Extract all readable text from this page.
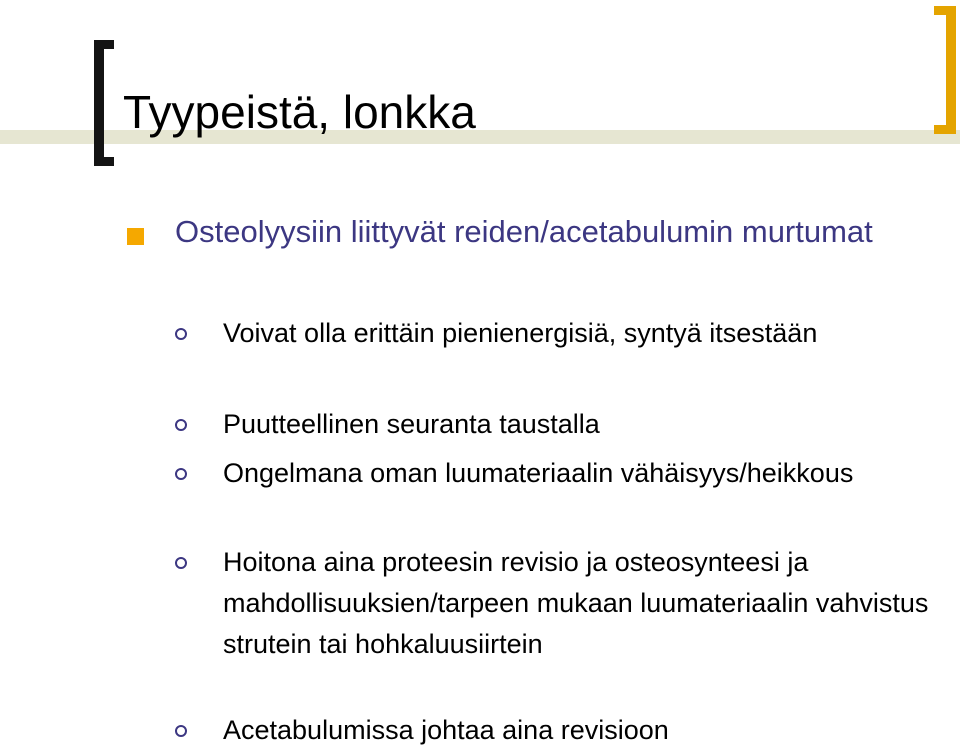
Tyypeistä, lonkka
Osteolyysiin liittyvät reiden/acetabulumin murtumat
Voivat olla erittäin pienienergisiä, syntyä itsestään
Puutteellinen seuranta taustalla
Ongelmana oman luumateriaalin vähäisyys/heikkous
Hoitona aina proteesin revisio ja osteosynteesi ja mahdollisuuksien/tarpeen mukaan luumateriaalin vahvistus strutein tai hohkaluusiirtein
Acetabulumissa johtaa aina revisioon
